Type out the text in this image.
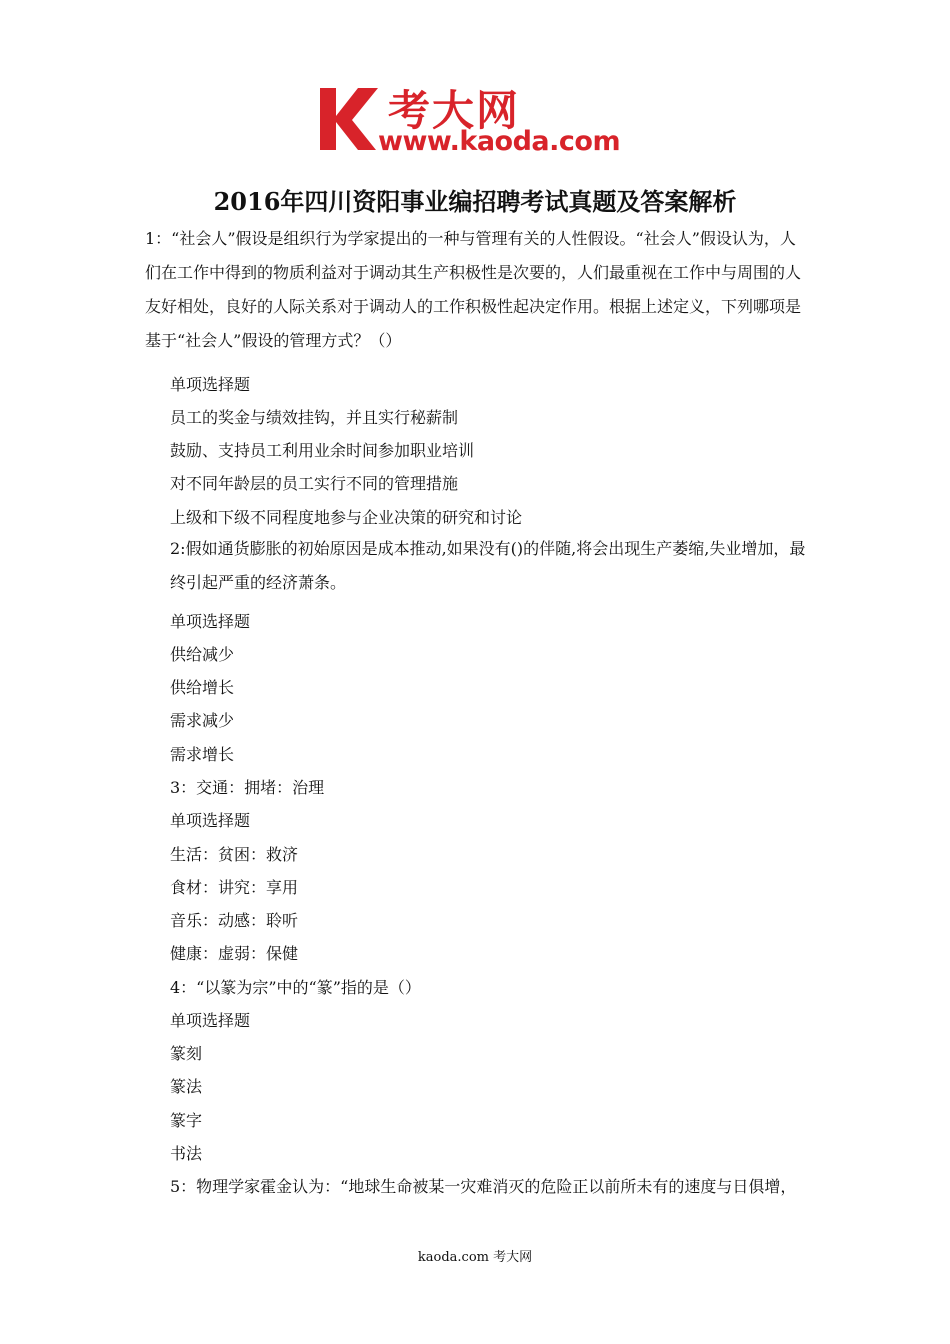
考大网
www.kaoda.com
2016年四川资阳事业编招聘考试真题及答案解析
1：“社会人”假设是组织行为学家提出的一种与管理有关的人性假设。“社会人”假设认为，人们在工作中得到的物质利益对于调动其生产积极性是次要的，人们最重视在工作中与周围的人友好相处，良好的人际关系对于调动人的工作积极性起决定作用。根据上述定义，下列哪项是基于“社会人”假设的管理方式？（）
单项选择题
员工的奖金与绩效挂钩，并且实行秘薪制
鼓励、支持员工利用业余时间参加职业培训
对不同年龄层的员工实行不同的管理措施
上级和下级不同程度地参与企业决策的研究和讨论
2:假如通货膨胀的初始原因是成本推动,如果没有()的伴随,将会出现生产萎缩,失业增加，最终引起严重的经济萧条。
单项选择题
供给减少
供给增长
需求减少
需求增长
3：交通：拥堵：治理
单项选择题
生活：贫困：救济
食材：讲究：享用
音乐：动感：聆听
健康：虚弱：保健
4：“以篆为宗”中的“篆”指的是（）
单项选择题
篆刻
篆法
篆字
书法
5：物理学家霍金认为：“地球生命被某一灾难消灭的危险正以前所未有的速度与日俱增，
kaoda.com 考大网
